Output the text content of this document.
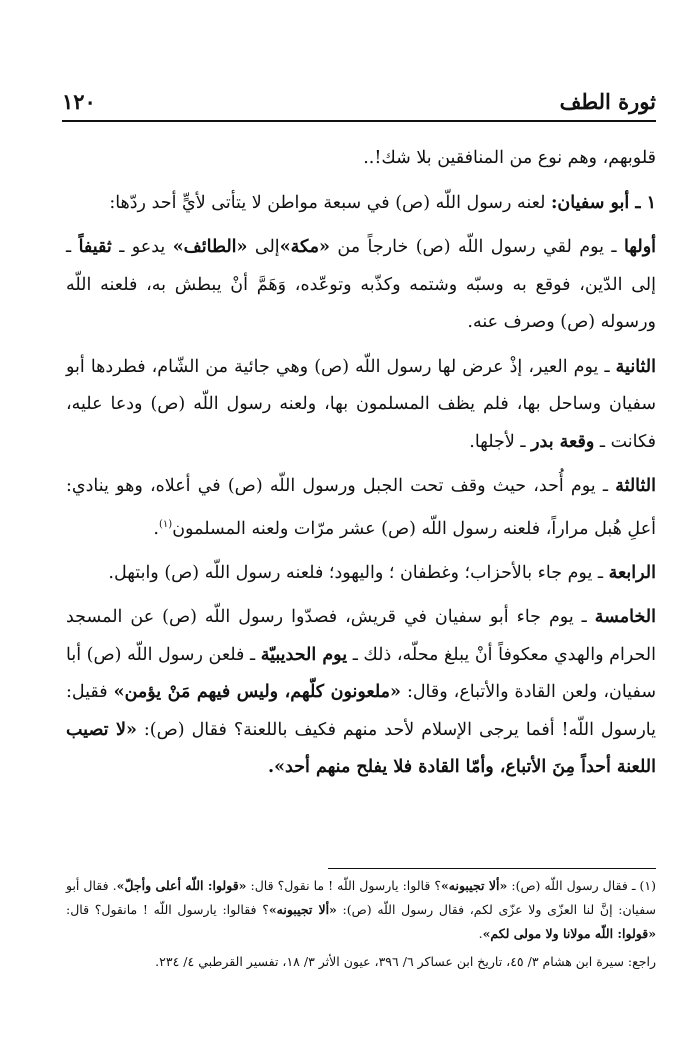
ثورة الطف
١٢٠

قلوبهم، وهم نوع من المنافقين بلا شك!..

١ ـ أبو سفيان: لعنه رسول اللّه (ص) في سبعة مواطن لا يتأتى لأيٍّ أحد ردّها:

أولها ـ يوم لقي رسول اللّه (ص) خارجاً من «مكة»إلى «الطائف» يدعو ـ ثقيفاً ـ إلى الدّين، فوقع به وسبّه وشتمه وكذّبه وتوعّده، وَهَمَّ أنْ يبطش به، فلعنه اللّه ورسوله (ص) وصرف عنه.

الثانية ـ يوم العير، إذْ عرض لها رسول اللّه (ص) وهي جائية من الشّام، فطردها أبو سفيان وساحل بها، فلم يظف المسلمون بها، ولعنه رسول اللّه (ص) ودعا عليه، فكانت ـ وقعة بدر ـ لأجلها.

الثالثة ـ يوم أُحد، حيث وقف تحت الجبل ورسول اللّه (ص) في أعلاه، وهو ينادي: أعلِ هُبل مراراً، فلعنه رسول اللّه (ص) عشر مرّات ولعنه المسلمون$^{(١)}$.

الرابعة ـ يوم جاء بالأحزاب؛ وغطفان ؛ واليهود؛ فلعنه رسول اللّه (ص) وابتهل.

الخامسة ـ يوم جاء أبو سفيان في قريش، فصدّوا رسول اللّه (ص) عن المسجد الحرام والهدي معكوفاً أنْ يبلغ محلّه، ذلك ـ يوم الحديبيّة ـ فلعن رسول اللّه (ص) أبا سفيان، ولعن القادة والأتباع، وقال: «ملعونون كلّهم، وليس فيهم مَنْ يؤمن» فقيل: يارسول اللّه! أفما يرجى الإسلام لأحد منهم فكيف باللعنة؟ فقال (ص): «لا تصيب اللعنة أحداً مِنَ الأتباع، وأمّا القادة فلا يفلح منهم أحد».

(١) ـ فقال رسول اللّه (ص): «ألا تجيبونه»؟ قالوا: يارسول اللّه ! ما نقول؟ قال: «قولوا: اللّه أعلى وأجلّ». فقال أبو سفيان: إنَّ لنا العزّى ولا عزّى لكم، فقال رسول اللّه (ص): «ألا تجيبونه»؟ فقالوا: يارسول اللّه ! مانقول؟ قال: «قولوا: اللّه مولانا ولا مولى لكم».

راجع: سيرة ابن هشام ٣/ ٤٥، تاريخ ابن عساكر ٦/ ٣٩٦، عيون الأثر ٣/ ١٨، تفسير القرطبي ٤/ ٢٣٤.
